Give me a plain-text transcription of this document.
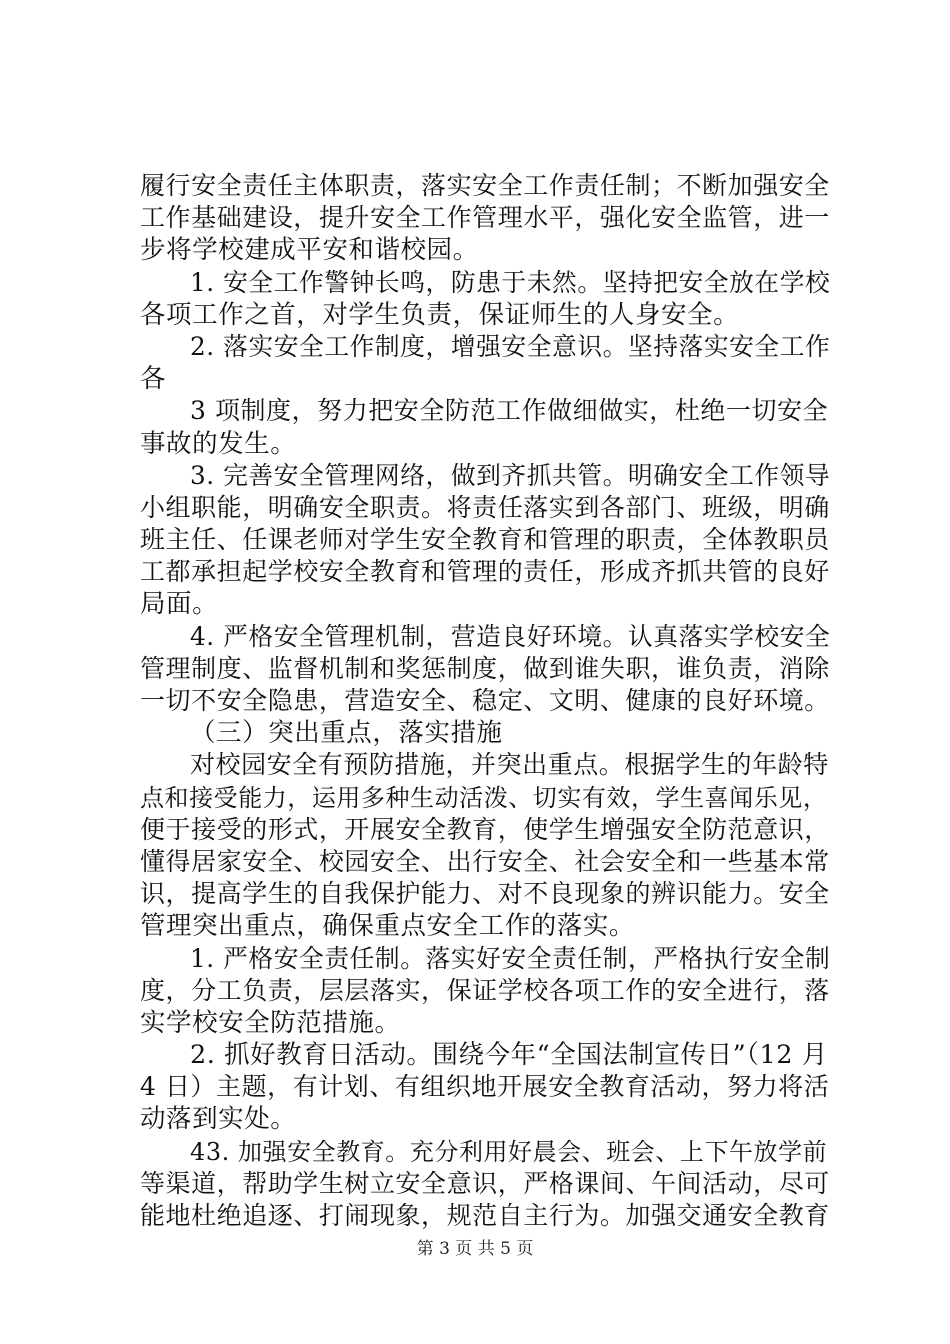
履行安全责任主体职责，落实安全工作责任制；不断加强安全
工作基础建设，提升安全工作管理水平，强化安全监管，进一
步将学校建成平安和谐校园。
1. 安全工作警钟长鸣，防患于未然。坚持把安全放在学校
各项工作之首，对学生负责，保证师生的人身安全。
2. 落实安全工作制度，增强安全意识。坚持落实安全工作
各
3 项制度，努力把安全防范工作做细做实，杜绝一切安全
事故的发生。
3. 完善安全管理网络，做到齐抓共管。明确安全工作领导
小组职能，明确安全职责。将责任落实到各部门、班级，明确
班主任、任课老师对学生安全教育和管理的职责，全体教职员
工都承担起学校安全教育和管理的责任，形成齐抓共管的良好
局面。
4. 严格安全管理机制，营造良好环境。认真落实学校安全
管理制度、监督机制和奖惩制度，做到谁失职，谁负责，消除
一切不安全隐患，营造安全、稳定、文明、健康的良好环境。
（三）突出重点，落实措施
对校园安全有预防措施，并突出重点。根据学生的年龄特
点和接受能力，运用多种生动活泼、切实有效，学生喜闻乐见，
便于接受的形式，开展安全教育，使学生增强安全防范意识，
懂得居家安全、校园安全、出行安全、社会安全和一些基本常
识，提高学生的自我保护能力、对不良现象的辨识能力。安全
管理突出重点，确保重点安全工作的落实。
1. 严格安全责任制。落实好安全责任制，严格执行安全制
度，分工负责，层层落实，保证学校各项工作的安全进行，落
实学校安全防范措施。
2. 抓好教育日活动。围绕今年“全国法制宣传日”（12 月
4 日）主题，有计划、有组织地开展安全教育活动，努力将活
动落到实处。
43. 加强安全教育。充分利用好晨会、班会、上下午放学前
等渠道，帮助学生树立安全意识，严格课间、午间活动，尽可
能地杜绝追逐、打闹现象，规范自主行为。加强交通安全教育
第 3 页 共 5 页
